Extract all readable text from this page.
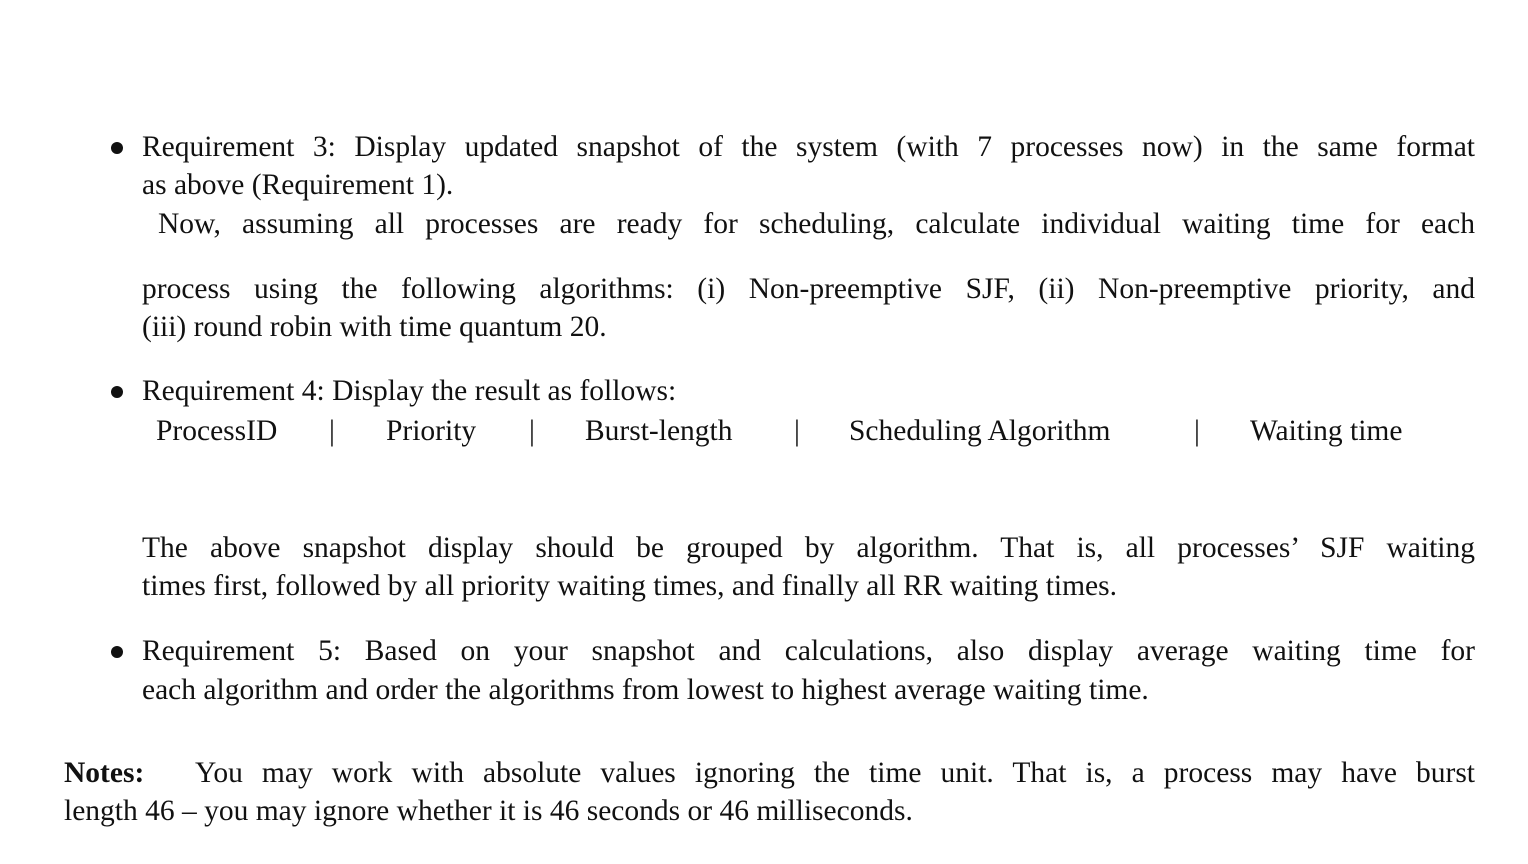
Requirement 3: Display updated snapshot of the system (with 7 processes now) in the same format
as above (Requirement 1).
Now, assuming all processes are ready for scheduling, calculate individual waiting time for each
process using the following algorithms: (i) Non-preemptive SJF, (ii) Non-preemptive priority, and
(iii) round robin with time quantum 20.
Requirement 4: Display the result as follows:
ProcessID | Priority | Burst-length | Scheduling Algorithm	| Waiting time
The above snapshot display should be grouped by algorithm. That is, all processes’ SJF waiting
times first, followed by all priority waiting times, and finally all RR waiting times.
Requirement 5: Based on your snapshot and calculations, also display average waiting time for
each algorithm and order the algorithms from lowest to highest average waiting time.
Notes: You may work with absolute values ignoring the time unit. That is, a process may have burst
length 46 – you may ignore whether it is 46 seconds or 46 milliseconds.
